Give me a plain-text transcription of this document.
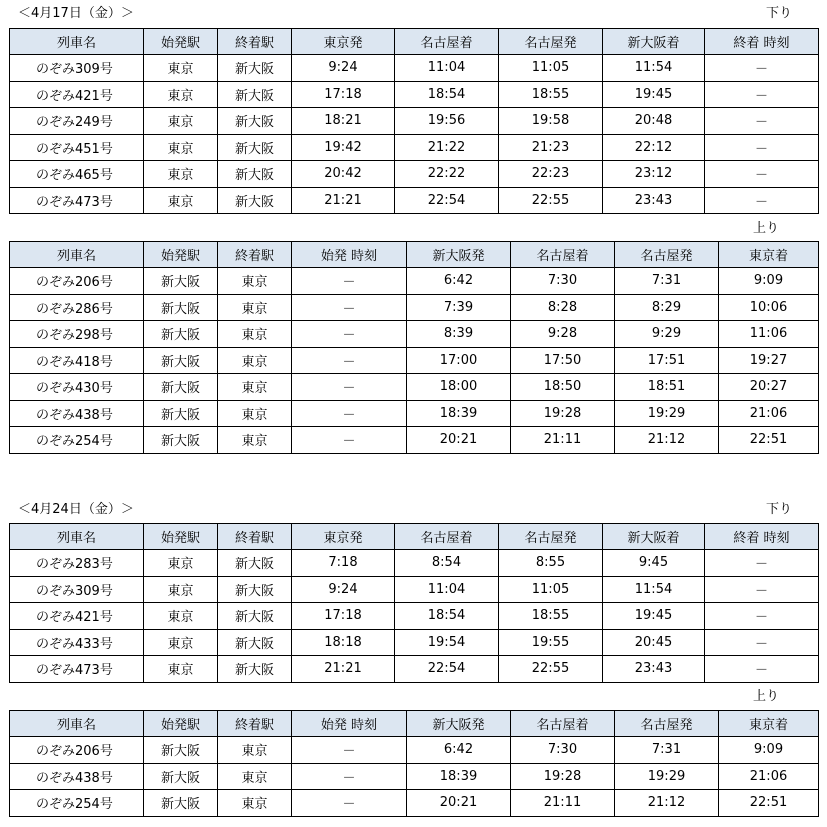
＜4月17日（金）＞	下り
列車名	始発駅	終着駅	東京発	名古屋着	名古屋発	新大阪着	終着 時刻
のぞみ309号	東京	新大阪	9:24	11:04	11:05	11:54	－
のぞみ421号	東京	新大阪	17:18	18:54	18:55	19:45	－
のぞみ249号	東京	新大阪	18:21	19:56	19:58	20:48	－
のぞみ451号	東京	新大阪	19:42	21:22	21:23	22:12	－
のぞみ465号	東京	新大阪	20:42	22:22	22:23	23:12	－
のぞみ473号	東京	新大阪	21:21	22:54	22:55	23:43	－
上り
列車名	始発駅	終着駅	始発 時刻	新大阪発	名古屋着	名古屋発	東京着
のぞみ206号	新大阪	東京	－	6:42	7:30	7:31	9:09
のぞみ286号	新大阪	東京	－	7:39	8:28	8:29	10:06
のぞみ298号	新大阪	東京	－	8:39	9:28	9:29	11:06
のぞみ418号	新大阪	東京	－	17:00	17:50	17:51	19:27
のぞみ430号	新大阪	東京	－	18:00	18:50	18:51	20:27
のぞみ438号	新大阪	東京	－	18:39	19:28	19:29	21:06
のぞみ254号	新大阪	東京	－	20:21	21:11	21:12	22:51
＜4月24日（金）＞	下り
列車名	始発駅	終着駅	東京発	名古屋着	名古屋発	新大阪着	終着 時刻
のぞみ283号	東京	新大阪	7:18	8:54	8:55	9:45	－
のぞみ309号	東京	新大阪	9:24	11:04	11:05	11:54	－
のぞみ421号	東京	新大阪	17:18	18:54	18:55	19:45	－
のぞみ433号	東京	新大阪	18:18	19:54	19:55	20:45	－
のぞみ473号	東京	新大阪	21:21	22:54	22:55	23:43	－
上り
列車名	始発駅	終着駅	始発 時刻	新大阪発	名古屋着	名古屋発	東京着
のぞみ206号	新大阪	東京	－	6:42	7:30	7:31	9:09
のぞみ438号	新大阪	東京	－	18:39	19:28	19:29	21:06
のぞみ254号	新大阪	東京	－	20:21	21:11	21:12	22:51
